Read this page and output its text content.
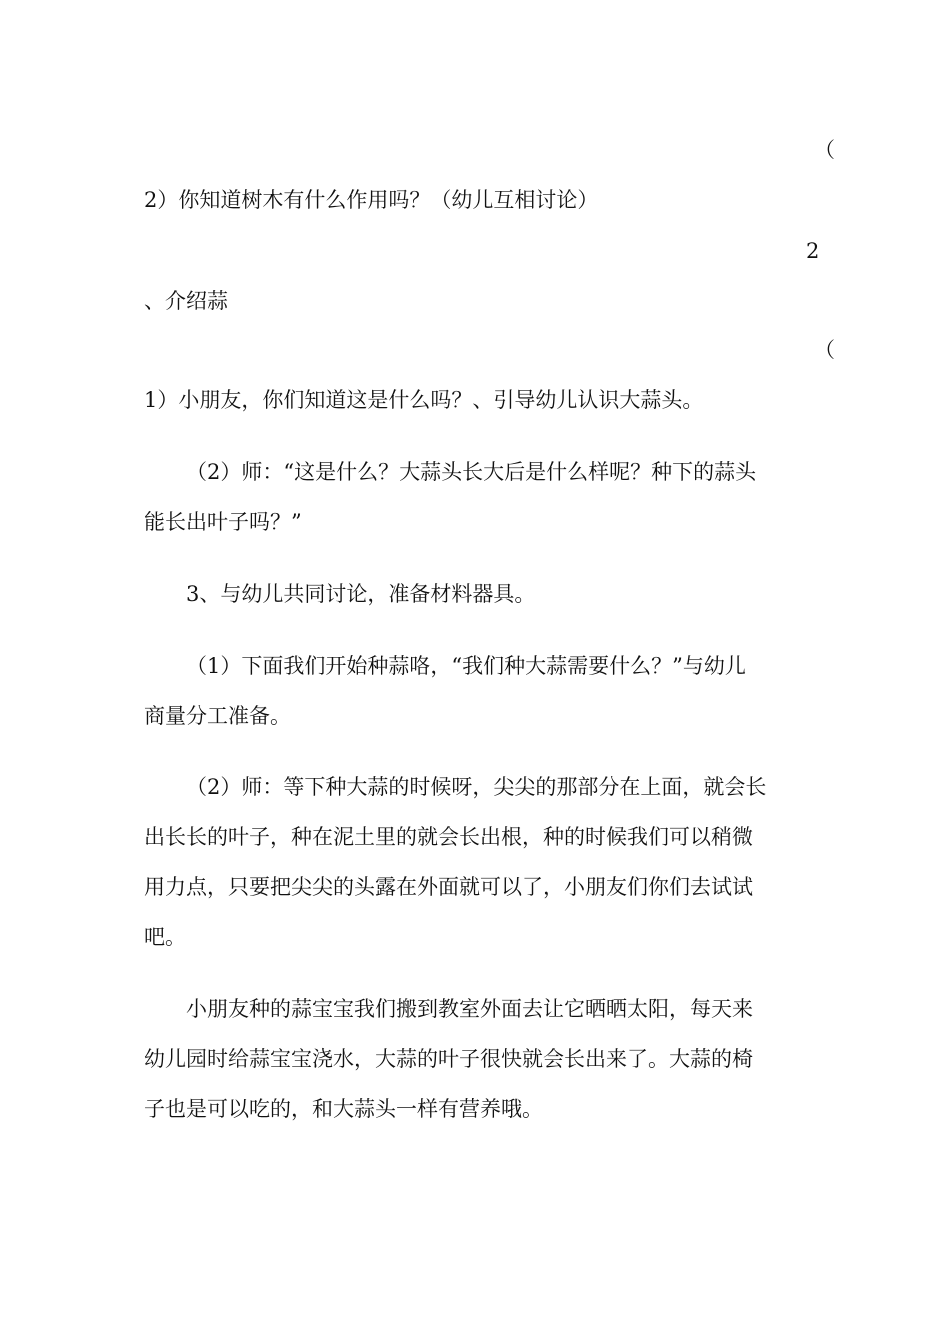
（
2）你知道树木有什么作用吗？（幼儿互相讨论）
2
、介绍蒜
（
1）小朋友，你们知道这是什么吗？、引导幼儿认识大蒜头。
（2）师：“这是什么？大蒜头长大后是什么样呢？种下的蒜头
能长出叶子吗？”
3、与幼儿共同讨论，准备材料器具。
（1）下面我们开始种蒜咯，“我们种大蒜需要什么？”与幼儿
商量分工准备。
（2）师：等下种大蒜的时候呀，尖尖的那部分在上面，就会长
出长长的叶子，种在泥土里的就会长出根，种的时候我们可以稍微
用力点，只要把尖尖的头露在外面就可以了，小朋友们你们去试试
吧。
小朋友种的蒜宝宝我们搬到教室外面去让它晒晒太阳，每天来
幼儿园时给蒜宝宝浇水，大蒜的叶子很快就会长出来了。大蒜的椅
子也是可以吃的，和大蒜头一样有营养哦。
